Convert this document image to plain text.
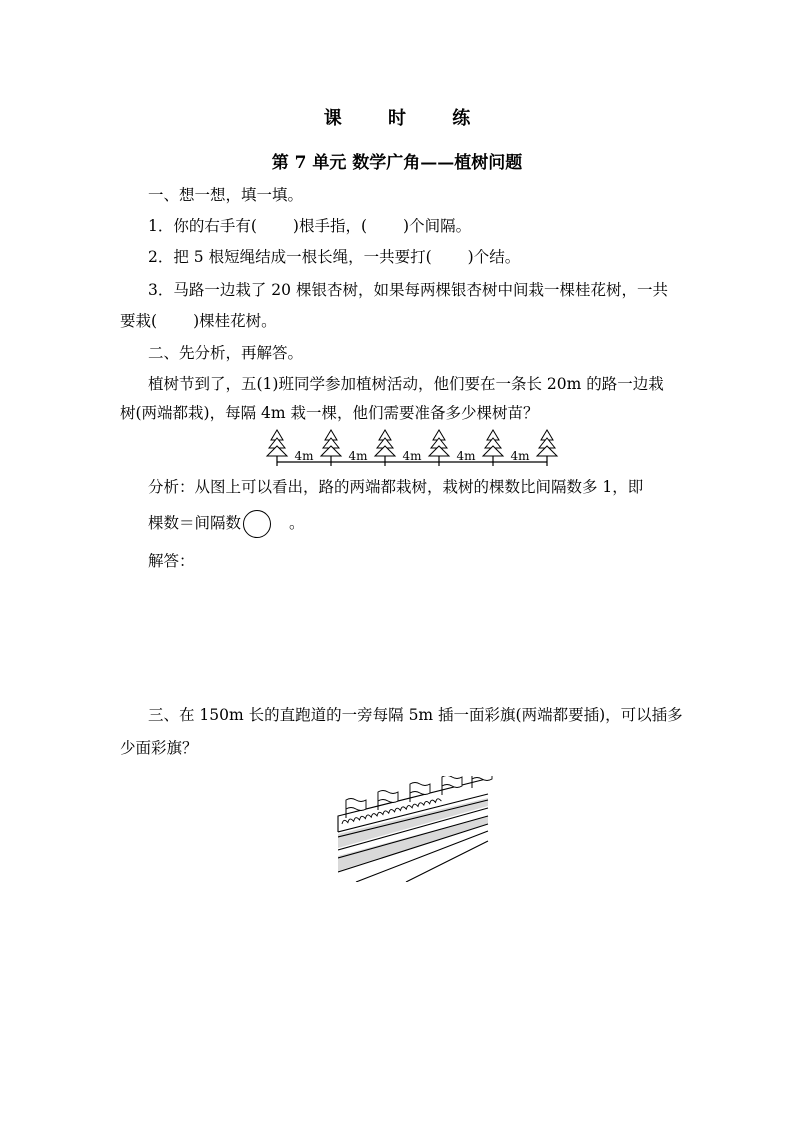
课 时 练
第 7 单元 数学广角——植树问题
一、想一想，填一填。
1．你的右手有( )根手指，( )个间隔。
2．把 5 根短绳结成一根长绳，一共要打( )个结。
3．马路一边栽了 20 棵银杏树，如果每两棵银杏树中间栽一棵桂花树，一共
要栽( )棵桂花树。
二、先分析，再解答。
植树节到了，五(1)班同学参加植树活动，他们要在一条长 20m 的路一边栽
树(两端都栽)，每隔 4m 栽一棵，他们需要准备多少棵树苗？
4m	4m	4m	4m	4m
分析：从图上可以看出，路的两端都栽树，栽树的棵数比间隔数多 1，即
棵数＝间隔数	。
解答：
三、在 150m 长的直跑道的一旁每隔 5m 插一面彩旗(两端都要插)，可以插多
少面彩旗？
